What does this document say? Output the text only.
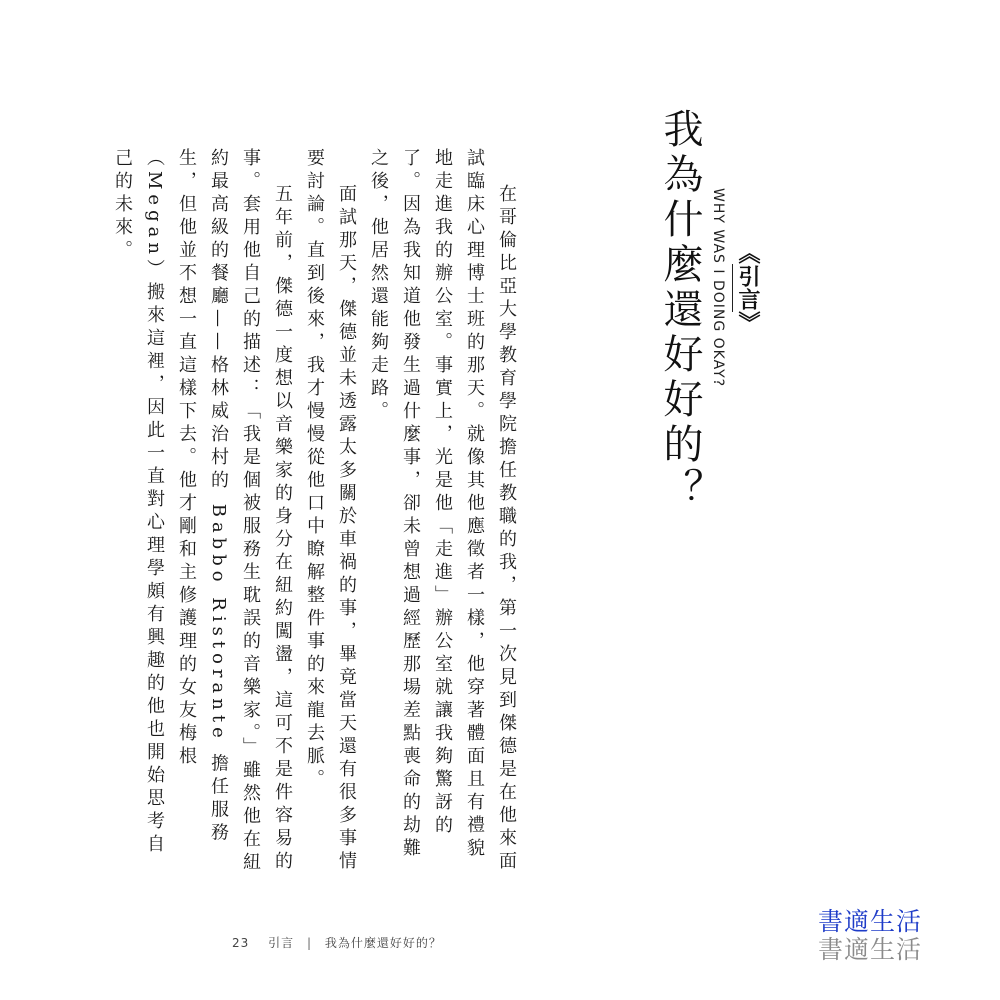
《引言》
WHY WAS I DOING OKAY?
我為什麼還好好的？

在哥倫比亞大學教育學院擔任教職的我，第一次見到傑德是在他來面試臨床心理博士班的那天。就像其他應徵者一樣，他穿著體面且有禮貌地走進我的辦公室。事實上，光是他「走進」辦公室就讓我夠驚訝的了。因為我知道他發生過什麼事，卻未曾想過經歷那場差點喪命的劫難之後，他居然還能夠走路。

面試那天，傑德並未透露太多關於車禍的事，畢竟當天還有很多事情要討論。直到後來，我才慢慢從他口中瞭解整件事的來龍去脈。

五年前，傑德一度想以音樂家的身分在紐約闖盪，這可不是件容易的事。套用他自己的描述：「我是個被服務生耽誤的音樂家。」雖然他在紐約最高級的餐廳——格林威治村的 Babbo Ristorante 擔任服務生，但他並不想一直這樣下去。他才剛和主修護理的女友梅根（Megan）搬來這裡，因此一直對心理學頗有興趣的他也開始思考自己的未來。

23 引言 | 我為什麼還好好的？
書適生活
書適生活
